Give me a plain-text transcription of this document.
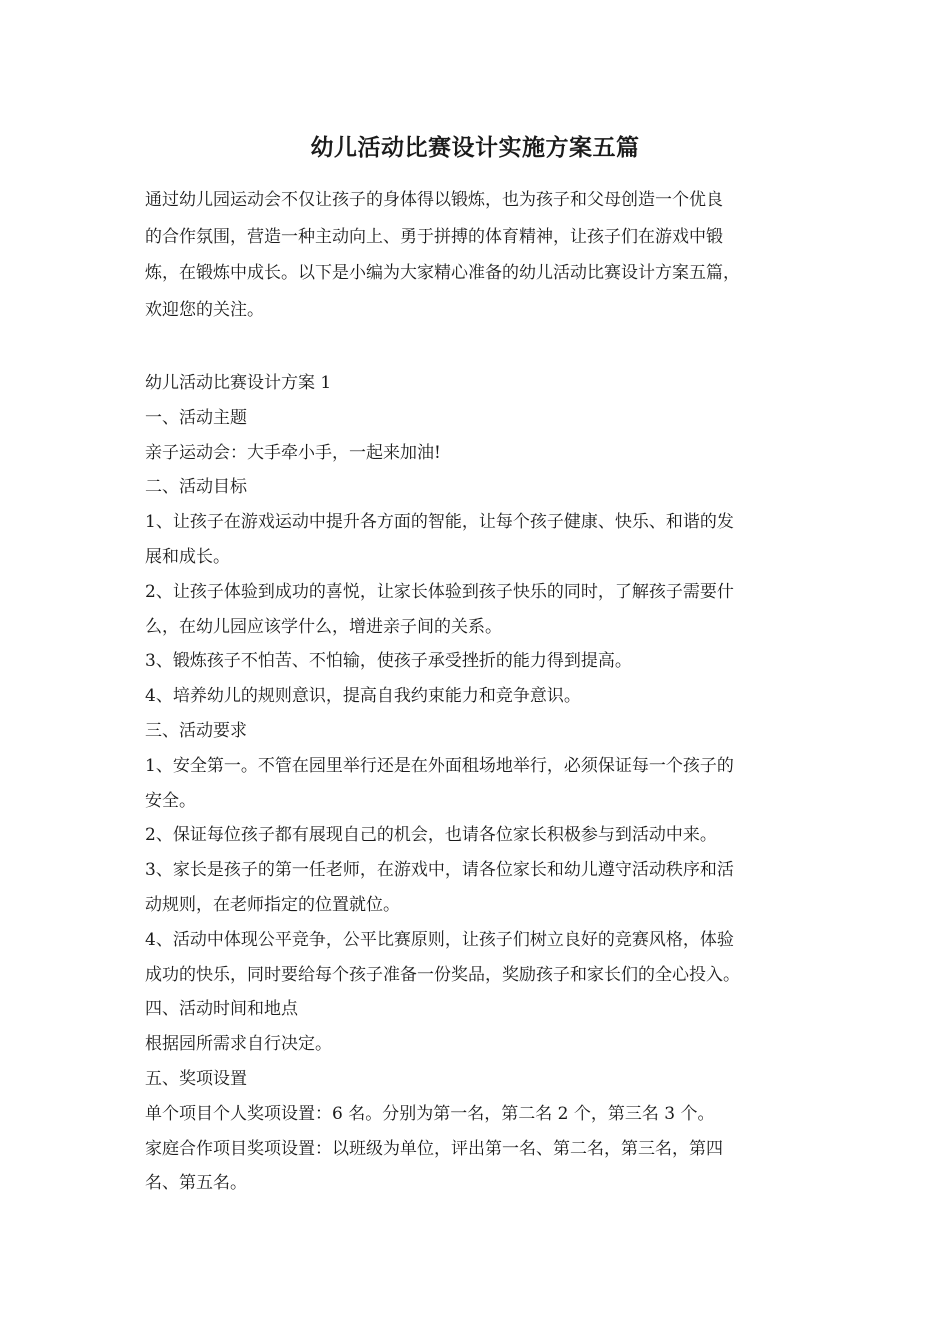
幼儿活动比赛设计实施方案五篇
通过幼儿园运动会不仅让孩子的身体得以锻炼，也为孩子和父母创造一个优良
的合作氛围，营造一种主动向上、勇于拼搏的体育精神，让孩子们在游戏中锻
炼，在锻炼中成长。以下是小编为大家精心准备的幼儿活动比赛设计方案五篇，
欢迎您的关注。

幼儿活动比赛设计方案 1

一、活动主题

亲子运动会：大手牵小手，一起来加油!

二、活动目标

1、让孩子在游戏运动中提升各方面的智能，让每个孩子健康、快乐、和谐的发

展和成长。

2、让孩子体验到成功的喜悦，让家长体验到孩子快乐的同时，了解孩子需要什

么，在幼儿园应该学什么，增进亲子间的关系。

3、锻炼孩子不怕苦、不怕输，使孩子承受挫折的能力得到提高。

4、培养幼儿的规则意识，提高自我约束能力和竞争意识。

三、活动要求

1、安全第一。不管在园里举行还是在外面租场地举行，必须保证每一个孩子的

安全。

2、保证每位孩子都有展现自己的机会，也请各位家长积极参与到活动中来。

3、家长是孩子的第一任老师，在游戏中，请各位家长和幼儿遵守活动秩序和活

动规则，在老师指定的位置就位。

4、活动中体现公平竞争，公平比赛原则，让孩子们树立良好的竞赛风格，体验

成功的快乐，同时要给每个孩子准备一份奖品，奖励孩子和家长们的全心投入。

四、活动时间和地点

根据园所需求自行决定。

五、奖项设置

单个项目个人奖项设置：6 名。分别为第一名，第二名 2 个，第三名 3 个。

家庭合作项目奖项设置：以班级为单位，评出第一名、第二名，第三名，第四

名、第五名。
